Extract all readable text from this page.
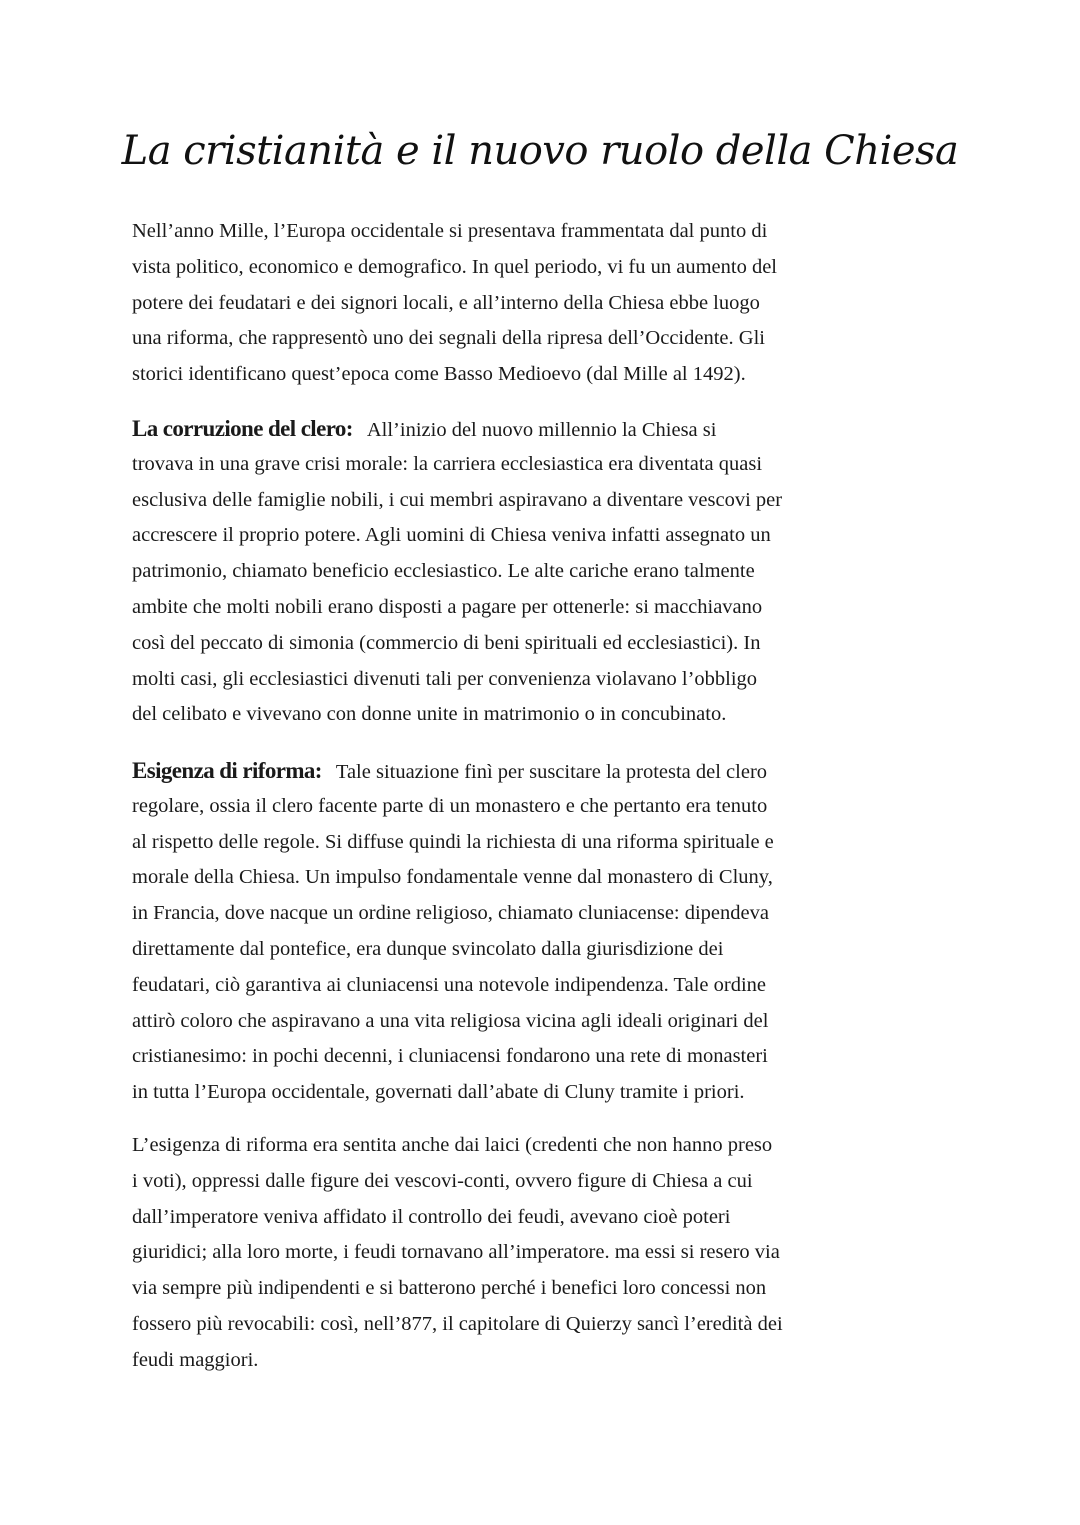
La cristianità e il nuovo ruolo della Chiesa
Nell’anno Mille, l’Europa occidentale si presentava frammentata dal punto di
vista politico, economico e demografico. In quel periodo, vi fu un aumento del
potere dei feudatari e dei signori locali, e all’interno della Chiesa ebbe luogo
una riforma, che rappresentò uno dei segnali della ripresa dell’Occidente. Gli
storici identificano quest’epoca come Basso Medioevo (dal Mille al 1492).
La corruzione del clero: All’inizio del nuovo millennio la Chiesa si
trovava in una grave crisi morale: la carriera ecclesiastica era diventata quasi
esclusiva delle famiglie nobili, i cui membri aspiravano a diventare vescovi per
accrescere il proprio potere. Agli uomini di Chiesa veniva infatti assegnato un
patrimonio, chiamato beneficio ecclesiastico. Le alte cariche erano talmente
ambite che molti nobili erano disposti a pagare per ottenerle: si macchiavano
così del peccato di simonia (commercio di beni spirituali ed ecclesiastici). In
molti casi, gli ecclesiastici divenuti tali per convenienza violavano l’obbligo
del celibato e vivevano con donne unite in matrimonio o in concubinato.
Esigenza di riforma: Tale situazione finì per suscitare la protesta del clero
regolare, ossia il clero facente parte di un monastero e che pertanto era tenuto
al rispetto delle regole. Si diffuse quindi la richiesta di una riforma spirituale e
morale della Chiesa. Un impulso fondamentale venne dal monastero di Cluny,
in Francia, dove nacque un ordine religioso, chiamato cluniacense: dipendeva
direttamente dal pontefice, era dunque svincolato dalla giurisdizione dei
feudatari, ciò garantiva ai cluniacensi una notevole indipendenza. Tale ordine
attirò coloro che aspiravano a una vita religiosa vicina agli ideali originari del
cristianesimo: in pochi decenni, i cluniacensi fondarono una rete di monasteri
in tutta l’Europa occidentale, governati dall’abate di Cluny tramite i priori.
L’esigenza di riforma era sentita anche dai laici (credenti che non hanno preso
i voti), oppressi dalle figure dei vescovi-conti, ovvero figure di Chiesa a cui
dall’imperatore veniva affidato il controllo dei feudi, avevano cioè poteri
giuridici; alla loro morte, i feudi tornavano all’imperatore. ma essi si resero via
via sempre più indipendenti e si batterono perché i benefici loro concessi non
fossero più revocabili: così, nell’877, il capitolare di Quierzy sancì l’eredità dei
feudi maggiori.
